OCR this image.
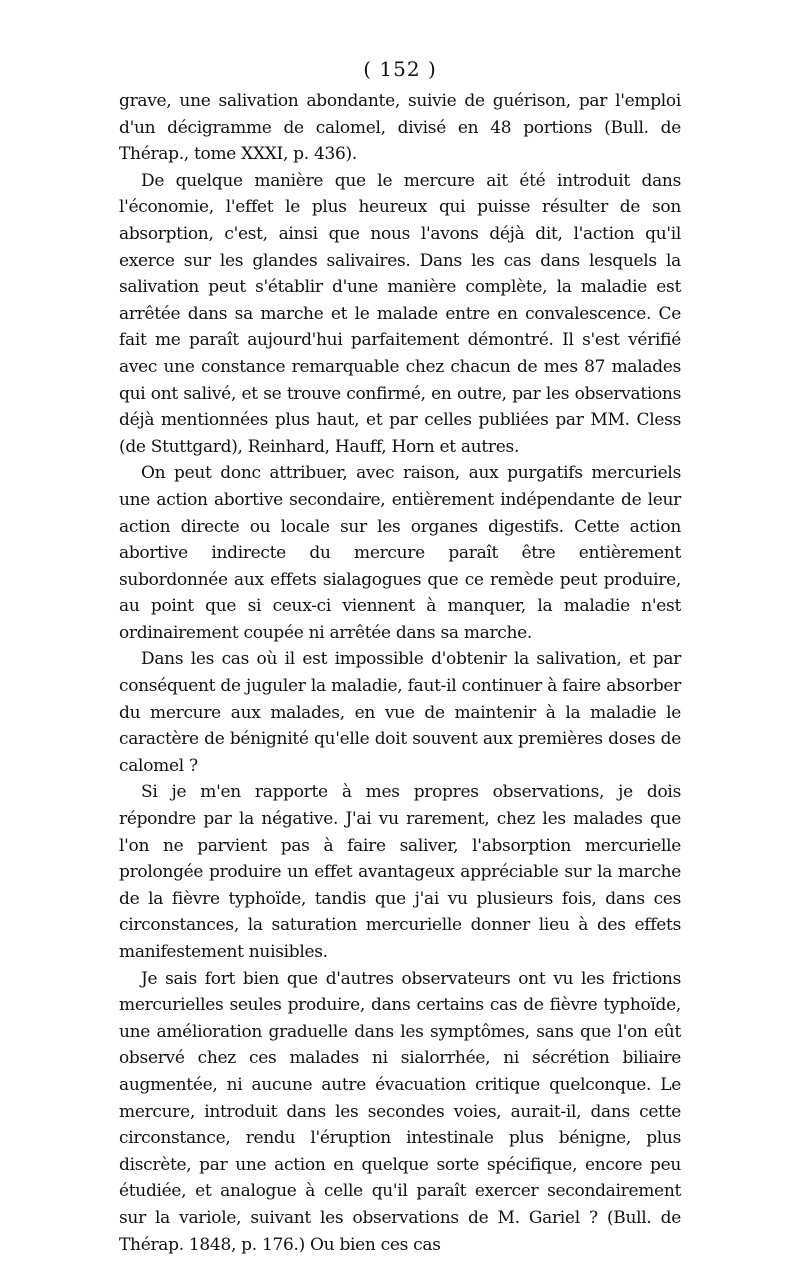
( 152 )

grave, une salivation abondante, suivie de guérison, par l'emploi d'un décigramme de calomel, divisé en 48 portions (Bull. de Thérap., tome XXXI, p. 436).

De quelque manière que le mercure ait été introduit dans l'économie, l'effet le plus heureux qui puisse résulter de son absorption, c'est, ainsi que nous l'avons déjà dit, l'action qu'il exerce sur les glandes salivaires. Dans les cas dans lesquels la salivation peut s'établir d'une manière complète, la maladie est arrêtée dans sa marche et le malade entre en convalescence. Ce fait me paraît aujourd'hui parfaitement démontré. Il s'est vérifié avec une constance remarquable chez chacun de mes 87 malades qui ont salivé, et se trouve confirmé, en outre, par les observations déjà mentionnées plus haut, et par celles publiées par MM. Cless (de Stuttgard), Reinhard, Hauff, Horn et autres.

On peut donc attribuer, avec raison, aux purgatifs mercuriels une action abortive secondaire, entièrement indépendante de leur action directe ou locale sur les organes digestifs. Cette action abortive indirecte du mercure paraît être entièrement subordonnée aux effets sialagogues que ce remède peut produire, au point que si ceux-ci viennent à manquer, la maladie n'est ordinairement coupée ni arrêtée dans sa marche.

Dans les cas où il est impossible d'obtenir la salivation, et par conséquent de juguler la maladie, faut-il continuer à faire absorber du mercure aux malades, en vue de maintenir à la maladie le caractère de bénignité qu'elle doit souvent aux premières doses de calomel ?

Si je m'en rapporte à mes propres observations, je dois répondre par la négative. J'ai vu rarement, chez les malades que l'on ne parvient pas à faire saliver, l'absorption mercurielle prolongée produire un effet avantageux appréciable sur la marche de la fièvre typhoïde, tandis que j'ai vu plusieurs fois, dans ces circonstances, la saturation mercurielle donner lieu à des effets manifestement nuisibles.

Je sais fort bien que d'autres observateurs ont vu les frictions mercurielles seules produire, dans certains cas de fièvre typhoïde, une amélioration graduelle dans les symptômes, sans que l'on eût observé chez ces malades ni sialorrhée, ni sécrétion biliaire augmentée, ni aucune autre évacuation critique quelconque. Le mercure, introduit dans les secondes voies, aurait-il, dans cette circonstance, rendu l'éruption intestinale plus bénigne, plus discrète, par une action en quelque sorte spécifique, encore peu étudiée, et analogue à celle qu'il paraît exercer secondairement sur la variole, suivant les observations de M. Gariel ? (Bull. de Thérap. 1848, p. 176.) Ou bien ces cas
